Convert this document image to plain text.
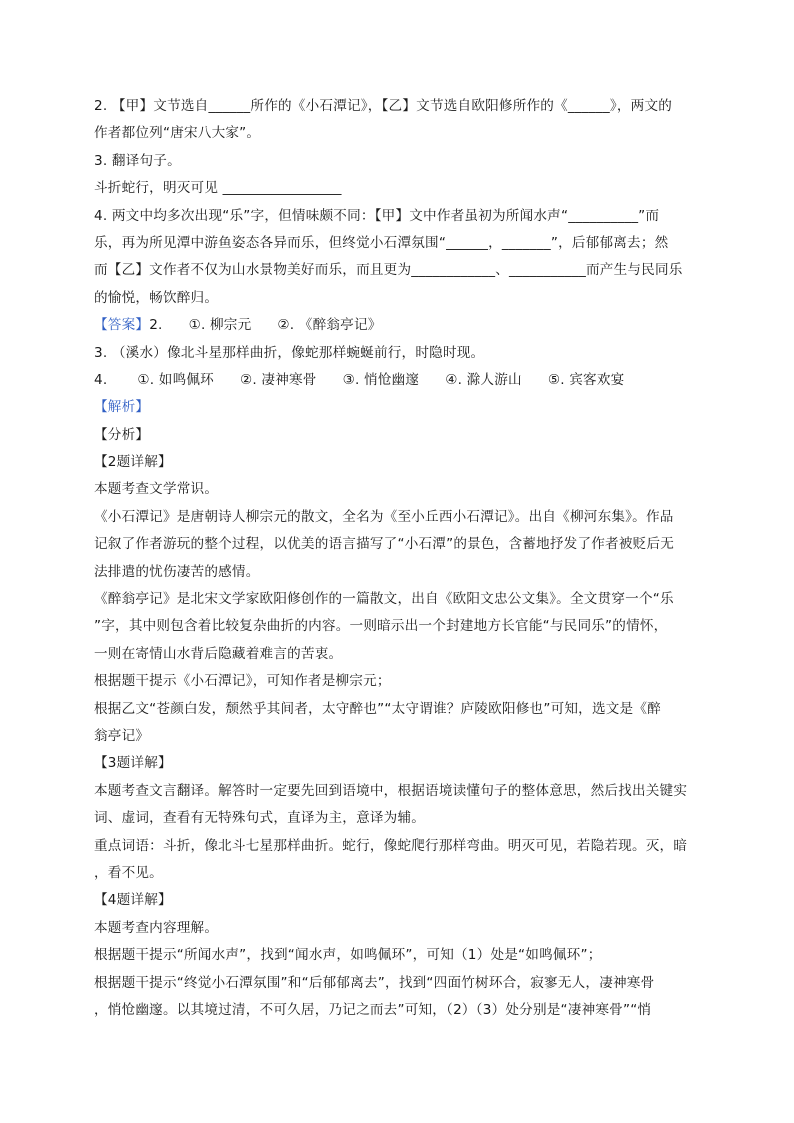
2. 【甲】文节选自______所作的《小石潭记》，【乙】文节选自欧阳修所作的《______》，两文的
作者都位列“唐宋八大家”。
3. 翻译句子。
斗折蛇行，明灭可见 _________________
4. 两文中均多次出现“乐”字，但情味颇不同：【甲】文中作者虽初为所闻水声“__________”而
乐，再为所见潭中游鱼姿态各异而乐，但终觉小石潭氛围“______，_______”，后郁郁离去；然
而【乙】文作者不仅为山水景物美好而乐，而且更为____________、___________而产生与民同乐
的愉悦，畅饮醉归。
【答案】2. ①. 柳宗元 ②. 《醉翁亭记》
3. （溪水）像北斗星那样曲折，像蛇那样蜿蜒前行，时隐时现。
4. ①. 如鸣佩环 ②. 凄神寒骨 ③. 悄怆幽邃 ④. 滁人游山 ⑤. 宾客欢宴
【解析】
【分析】
【2题详解】
本题考查文学常识。
《小石潭记》是唐朝诗人柳宗元的散文，全名为《至小丘西小石潭记》。出自《柳河东集》。作品
记叙了作者游玩的整个过程，以优美的语言描写了“小石潭”的景色，含蓄地抒发了作者被贬后无
法排遣的忧伤凄苦的感情。
《醉翁亭记》是北宋文学家欧阳修创作的一篇散文，出自《欧阳文忠公文集》。全文贯穿一个“乐
”字，其中则包含着比较复杂曲折的内容。一则暗示出一个封建地方长官能“与民同乐”的情怀，
一则在寄情山水背后隐藏着难言的苦衷。
根据题干提示《小石潭记》，可知作者是柳宗元；
根据乙文“苍颜白发，颓然乎其间者，太守醉也”“太守谓谁？庐陵欧阳修也”可知，选文是《醉
翁亭记》
【3题详解】
本题考查文言翻译。解答时一定要先回到语境中，根据语境读懂句子的整体意思，然后找出关键实
词、虚词，查看有无特殊句式，直译为主，意译为辅。
重点词语：斗折，像北斗七星那样曲折。蛇行，像蛇爬行那样弯曲。明灭可见，若隐若现。灭，暗
，看不见。
【4题详解】
本题考查内容理解。
根据题干提示“所闻水声”，找到“闻水声，如鸣佩环”，可知（1）处是“如鸣佩环”；
根据题干提示“终觉小石潭氛围”和“后郁郁离去”，找到“四面竹树环合，寂寥无人，凄神寒骨
，悄怆幽邃。以其境过清，不可久居，乃记之而去”可知，（2）（3）处分别是“凄神寒骨”“悄
